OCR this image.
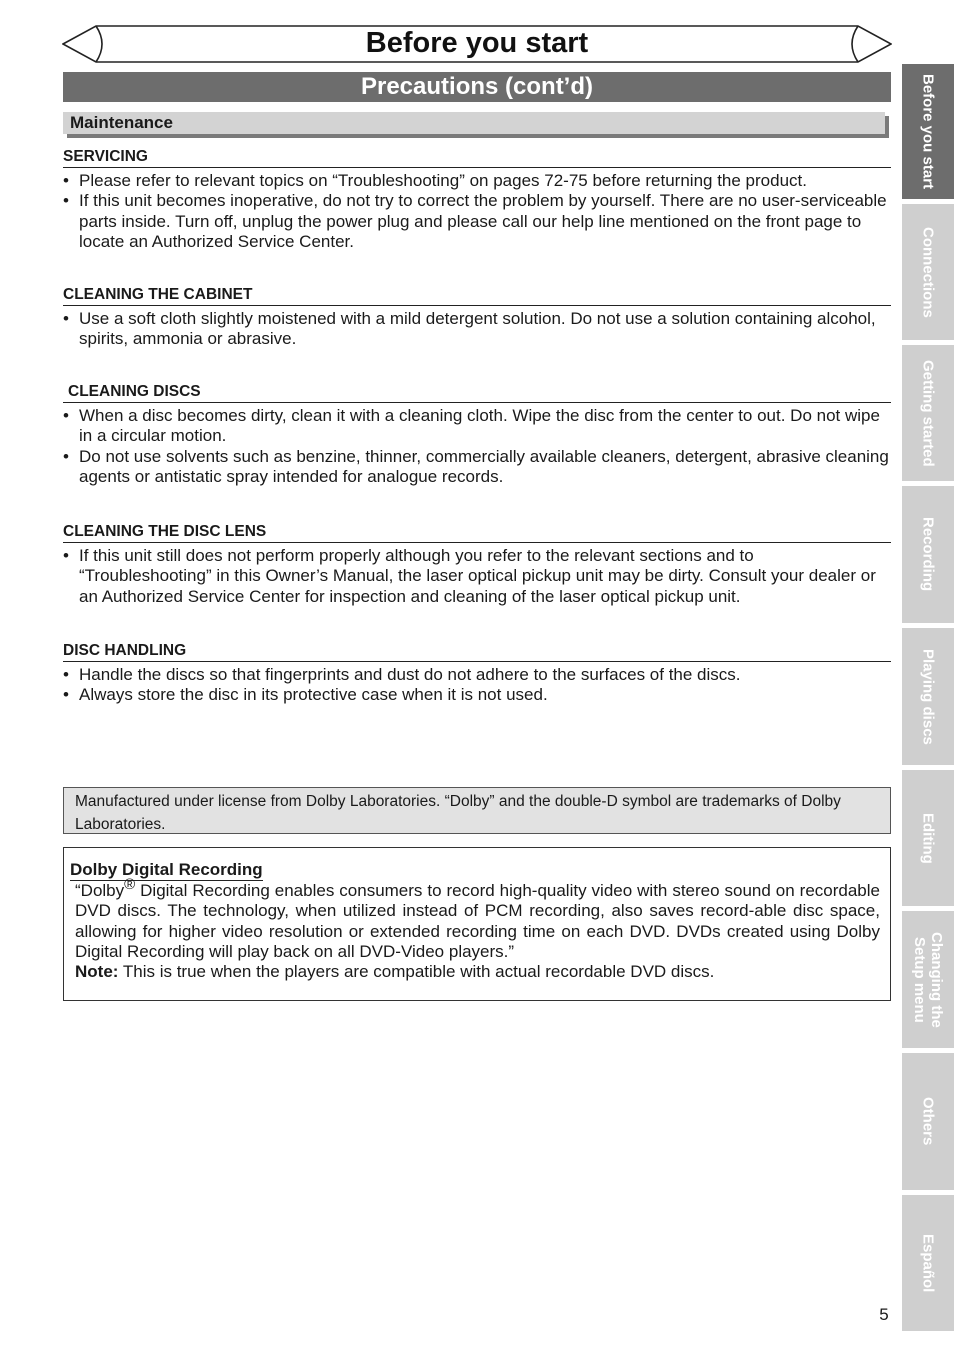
Before you start
Precautions (cont’d)
Maintenance
SERVICING
• Please refer to relevant topics on “Troubleshooting” on pages 72-75 before returning the product.
• If this unit becomes inoperative, do not try to correct the problem by yourself. There are no user-serviceable parts inside. Turn off, unplug the power plug and please call our help line mentioned on the front page to locate an Authorized Service Center.
CLEANING THE CABINET
• Use a soft cloth slightly moistened with a mild detergent solution. Do not use a solution containing alcohol, spirits, ammonia or abrasive.
CLEANING DISCS
• When a disc becomes dirty, clean it with a cleaning cloth. Wipe the disc from the center to out. Do not wipe in a circular motion.
• Do not use solvents such as benzine, thinner, commercially available cleaners, detergent, abrasive cleaning agents or antistatic spray intended for analogue records.
CLEANING THE DISC LENS
• If this unit still does not perform properly although you refer to the relevant sections and to “Troubleshooting” in this Owner’s Manual, the laser optical pickup unit may be dirty. Consult your dealer or an Authorized Service Center for inspection and cleaning of the laser optical pickup unit.
DISC HANDLING
• Handle the discs so that fingerprints and dust do not adhere to the surfaces of the discs.
• Always store the disc in its protective case when it is not used.
Manufactured under license from Dolby Laboratories. “Dolby” and the double-D symbol are trademarks of Dolby Laboratories.
Dolby Digital Recording

“Dolby® Digital Recording enables consumers to record high-quality video with stereo sound on recordable DVD discs. The technology, when utilized instead of PCM recording, also saves record-able disc space, allowing for higher video resolution or extended recording time on each DVD. DVDs created using Dolby Digital Recording will play back on all DVD-Video players.”
Note: This is true when the players are compatible with actual recordable DVD discs.

Before you start
Connections
Getting started
Recording
Playing discs
Editing
Changing the Setup menu
Others
Español
5
